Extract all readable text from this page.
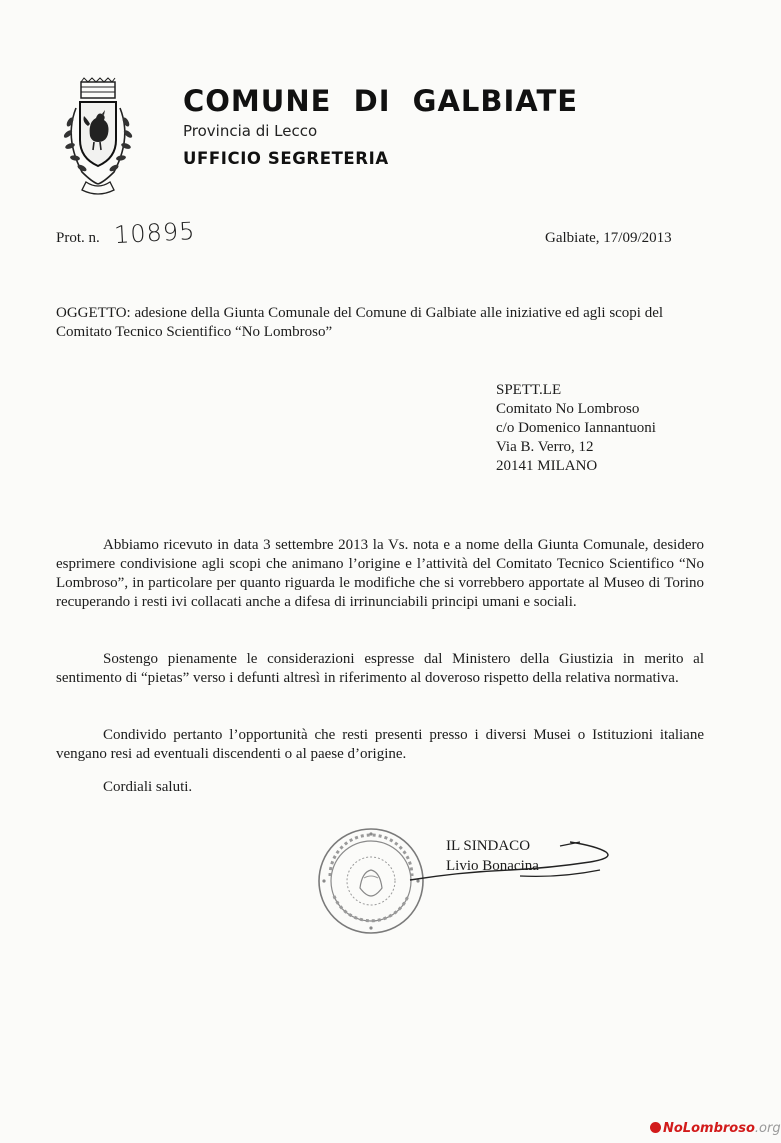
COMUNE  DI  GALBIATE
Provincia di Lecco
UFFICIO SEGRETERIA
Prot. n. 10895	Galbiate, 17/09/2013
OGGETTO: adesione della Giunta Comunale del Comune di Galbiate alle iniziative ed agli scopi del Comitato Tecnico Scientifico “No Lombroso”
SPETT.LE
Comitato No Lombroso
c/o Domenico Iannantuoni
Via B. Verro, 12
20141 MILANO
Abbiamo ricevuto in data 3 settembre 2013 la Vs. nota e a nome della Giunta Comunale, desidero esprimere condivisione agli scopi che animano l’origine e l’attività del Comitato Tecnico Scientifico “No Lombroso”, in particolare per quanto riguarda le modifiche che si vorrebbero apportate al Museo di Torino recuperando i resti ivi collacati anche a difesa di irrinunciabili principi umani e sociali.
Sostengo pienamente le considerazioni espresse dal Ministero della Giustizia in merito al sentimento di “pietas” verso i defunti altresì in riferimento al doveroso rispetto della relativa normativa.
Condivido pertanto l’opportunità che resti presenti presso i diversi Musei o Istituzioni italiane vengano resi ad eventuali discendenti o al paese d’origine.
Cordiali saluti.
IL SINDACO
Livio Bonacina
NoLombroso.org
